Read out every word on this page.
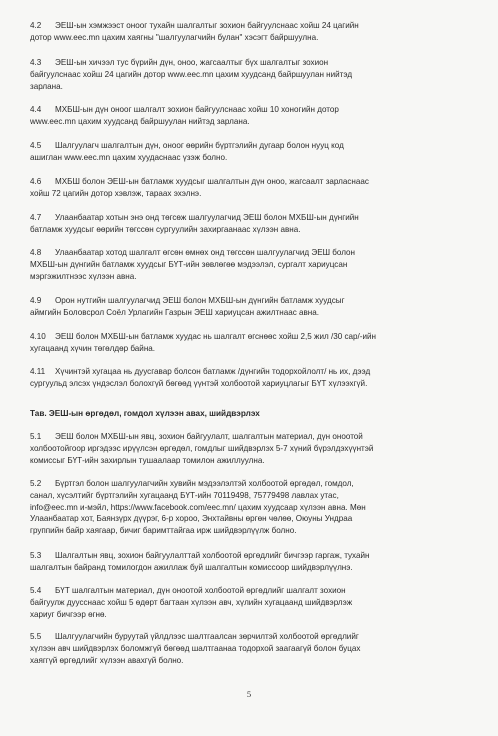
4.2 ЭЕШ-ын хэмжээст оноог тухайн шалгалтыг зохион байгуулснаас хойш 24 цагийн

дотор www.eec.mn цахим хаягны "шалгуулагчийн булан" хэсэгт байршуулна.

4.3 ЭЕШ-ын хичээл тус бүрийн дүн, оноо, жагсаалтыг бүх шалгалтыг зохион

байгуулснаас хойш 24 цагийн дотор www.eec.mn цахим хуудсанд байршуулан нийтэд

зарлана.

4.4 МХБШ-ын дүн оноог шалгалт зохион байгуулснаас хойш 10 хоногийн дотор

www.eec.mn цахим хуудсанд байршуулан нийтэд зарлана.

4.5 Шалгуулагч шалгалтын дүн, оноог өөрийн бүртгэлийн дугаар болон нууц код

ашиглан www.eec.mn цахим хуудаснаас үзэж болно.

4.6 МХБШ болон ЭЕШ-ын батламж хуудсыг шалгалтын дүн оноо, жагсаалт зарласнаас

хойш 72 цагийн дотор хэвлэж, тараах эхэлнэ.

4.7 Улаанбаатар хотын энэ онд төгсөж шалгуулагчид ЭЕШ болон МХБШ-ын дүнгийн

батламж хуудсыг өөрийн төгссөн сургуулийн захиргаанаас хүлээн авна.

4.8 Улаанбаатар хотод шалгалт өгсөн өмнөх онд төгссөн шалгуулагчид ЭЕШ болон

МХБШ-ын дүнгийн батламж хуудсыг БҮТ-ийн зөвлөгөө мэдээлэл, сургалт хариуцсан

мэргэжилтнээс хүлээн авна.

4.9 Орон нутгийн шалгуулагчид ЭЕШ болон МХБШ-ын дүнгийн батламж хуудсыг

аймгийн Боловсрол Соёл Урлагийн Газрын ЭЕШ хариуцсан ажилтнаас авна.

4.10 ЭЕШ болон МХБШ-ын батламж хуудас нь шалгалт өгснөөс хойш 2,5 жил /30 сар/-ийн

хугацаанд хүчин төгөлдөр байна.

4.11 Хүчинтэй хугацаа нь дуусгавар болсон батламж /дүнгийн тодорхойлолт/ нь их, дээд

сургуульд элсэх үндэслэл болохгүй бөгөөд үүнтэй холбоотой хариуцлагыг БҮТ хүлээхгүй.

Тав. ЭЕШ-ын өргөдөл, гомдол хүлээн авах, шийдвэрлэх

5.1 ЭЕШ болон МХБШ-ын явц, зохион байгуулалт, шалгалтын материал, дүн оноотой

холбоотойгоор иргэдээс ирүүлсэн өргөдөл, гомдлыг шийдвэрлэх 5-7 хүний бүрэлдэхүүнтэй

комиссыг БҮТ-ийн захирлын тушаалаар томилон ажиллуулна.

5.2 Бүртгэл болон шалгуулагчийн хувийн мэдээлэлтэй холбоотой өргөдөл, гомдол,

санал, хүсэлтийг бүртгэлийн хугацаанд БҮТ-ийн 70119498, 75779498 лавлах утас,

info@eec.mn и-мэйл, https://www.facebook.com/eec.mn/ цахим хуудсаар хүлээн авна. Мөн

Улаанбаатар хот, Баянзүрх дүүрэг, 6-р хороо, Энхтайвны өргөн чөлөө, Оюуны Ундраа

группийн байр хаягаар, бичиг баримттайгаа ирж шийдвэрлүүлж болно.

5.3 Шалгалтын явц, зохион байгуулалттай холбоотой өргөдлийг бичгээр гаргаж, тухайн

шалгалтын байранд томилогдон ажиллаж буй шалгалтын комиссоор шийдвэрлүүлнэ.

5.4 БҮТ шалгалтын материал, дүн оноотой холбоотой өргөдлийг шалгалт зохион

байгуулж дуусснаас хойш 5 өдөрт багтаан хүлээн авч, хүлийн хугацаанд шийдвэрлэж

хариуг бичгээр өгнө.

5.5 Шалгуулагчийн буруутай үйлдлээс шалтгаалсан зөрчилтэй холбоотой өргөдлийг

хүлээн авч шийдвэрлэх боломжгүй бөгөөд шалтгаанаа тодорхой заагаагүй болон буцах

хаяггүй өргөдлийг хүлээн авахгүй болно.

5
